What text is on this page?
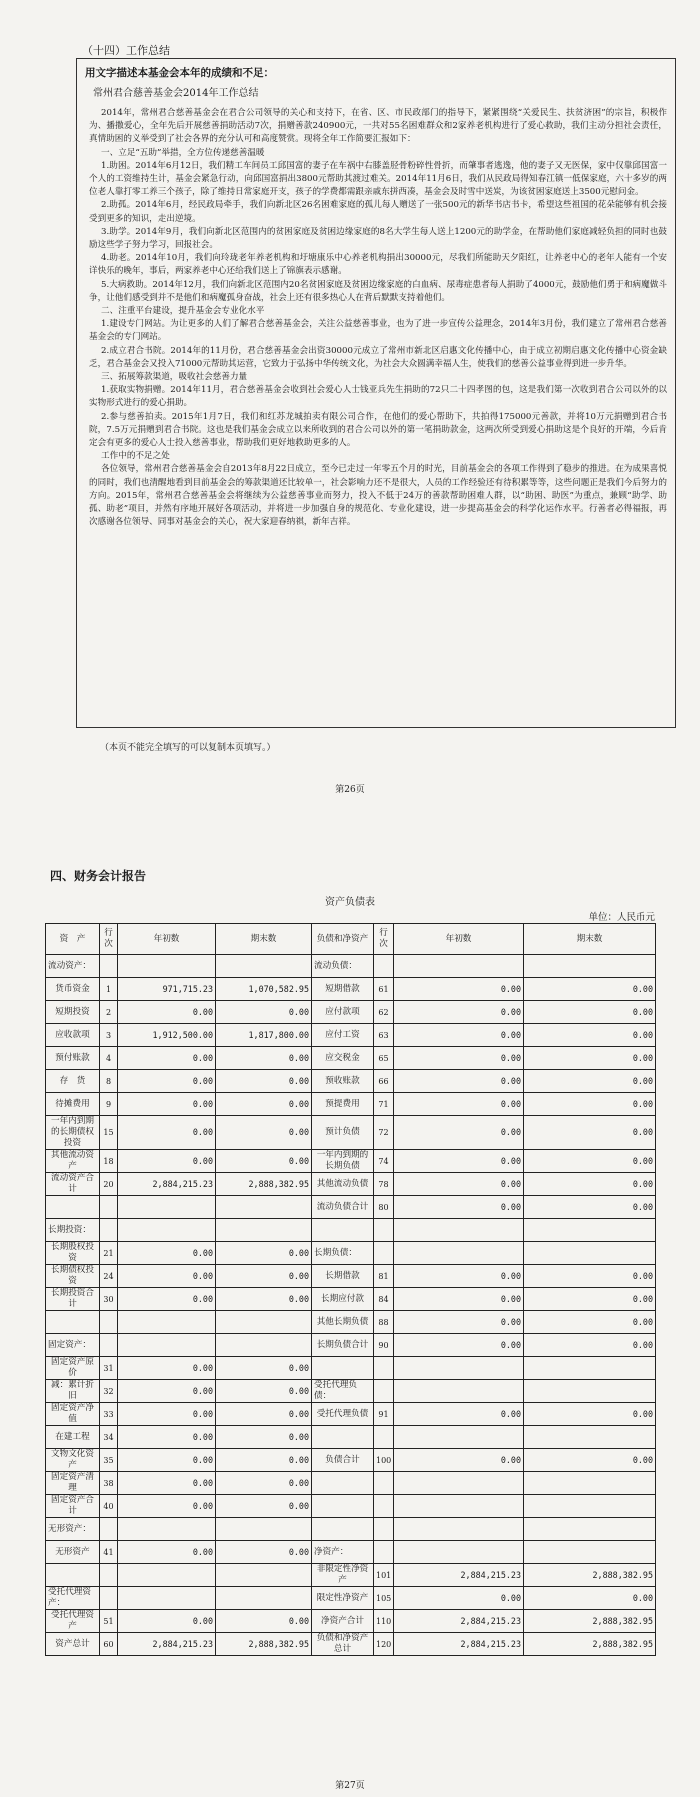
（十四）工作总结
用文字描述本基金会本年的成绩和不足：
常州君合慈善基金会2014年工作总结

2014年，常州君合慈善基金会在君合公司领导的关心和支持下，在省、区、市民政部门的指导下，紧紧围绕“关爱民生、扶贫济困”的宗旨，积极作为、播撒爱心，全年先后开展慈善捐助活动7次，捐赠善款240900元，一共对55名困难群众和2家养老机构进行了爱心救助，我们主动分担社会责任，真情助困的义举受到了社会各界的充分认可和高度赞赏。现将全年工作简要汇报如下：

一、立足“五助”举措，全方位传递慈善温暖

1.助困。2014年6月12日，我们精工车间员工邱国富的妻子在车祸中右膝盖胫骨粉碎性骨折，而肇事者逃逸，他的妻子又无医保，家中仅靠邱国富一个人的工资维持生计，基金会紧急行动，向邱国富捐出3800元帮助其渡过难关。2014年11月6日，我们从民政局得知春江镇一低保家庭，六十多岁的两位老人靠打零工养三个孩子，除了维持日常家庭开支，孩子的学费都需跟亲戚东拼西凑，基金会及时雪中送炭，为该贫困家庭送上3500元慰问金。

2.助孤。2014年6月，经民政局牵手，我们向新北区26名困难家庭的孤儿每人赠送了一张500元的新华书店书卡，希望这些祖国的花朵能够有机会接受到更多的知识，走出逆境。

3.助学。2014年9月，我们向新北区范围内的贫困家庭及贫困边缘家庭的8名大学生每人送上1200元的助学金，在帮助他们家庭减轻负担的同时也鼓励这些学子努力学习，回报社会。

4.助老。2014年10月，我们向玲珑老年养老机构和圩塘康乐中心养老机构捐出30000元，尽我们所能助天夕阳红，让养老中心的老年人能有一个安详快乐的晚年，事后，两家养老中心还给我们送上了锦旗表示感谢。

5.大病救助。2014年12月，我们向新北区范围内20名贫困家庭及贫困边缘家庭的白血病、尿毒症患者每人捐助了4000元，鼓励他们勇于和病魔做斗争，让他们感受到并不是他们和病魔孤身奋战，社会上还有很多热心人在背后默默支持着他们。

二、注重平台建设，提升基金会专业化水平

1.建设专门网站。为让更多的人们了解君合慈善基金会，关注公益慈善事业，也为了进一步宣传公益理念，2014年3月份，我们建立了常州君合慈善基金会的专门网站。

2.成立君合书院。2014年的11月份，君合慈善基金会出资30000元成立了常州市新北区启惠文化传播中心，由于成立初期启惠文化传播中心资金缺乏，君合基金会又投入71000元帮助其运营，它致力于弘扬中华传统文化，为社会大众圆满幸福人生，使我们的慈善公益事业得到进一步升华。

三、拓展筹款渠道，吸收社会慈善力量

1.获取实物捐赠。2014年11月，君合慈善基金会收到社会爱心人士钱亚兵先生捐助的72只二十四孝图的包，这是我们第一次收到君合公司以外的以实物形式进行的爱心捐助。

2.参与慈善拍卖。2015年1月7日，我们和红苏龙城拍卖有限公司合作，在他们的爱心帮助下，共拍得175000元善款，并将10万元捐赠到君合书院，7.5万元捐赠到君合书院。这也是我们基金会成立以来所收到的君合公司以外的第一笔捐助款金，这两次所受到爱心捐助这是个良好的开端，今后肯定会有更多的爱心人士投入慈善事业，帮助我们更好地救助更多的人。

工作中的不足之处

各位领导，常州君合慈善基金会自2013年8月22日成立，至今已走过一年零五个月的时光，目前基金会的各项工作得到了稳步的推进。在为成果喜悦的同时，我们也清醒地看到目前基金会的筹款渠道还比较单一，社会影响力还不是很大，人员的工作经验还有待积累等等，这些问题正是我们今后努力的方向。2015年，常州君合慈善基金会将继续为公益慈善事业而努力，投入不低于24万的善款帮助困难人群，以“助困、助医”为重点，兼顾“助学、助孤、助老”项目，并然有序地开展好各项活动，并将进一步加强自身的规范化、专业化建设，进一步提高基金会的科学化运作水平。行善者必得福报，再次感谢各位领导、同事对基金会的关心，祝大家迎春纳祺，新年吉祥。

（本页不能完全填写的可以复制本页填写。）
第26页
四、财务会计报告
资产负债表
单位：人民币元
资　产	行次	年初数	期末数	负债和净资产	行次	年初数	期末数
流动资产：				流动负债：			
货币资金	1	971,715.23	1,070,582.95	短期借款	61	0.00	0.00
短期投资	2	0.00	0.00	应付款项	62	0.00	0.00
应收款项	3	1,912,500.00	1,817,800.00	应付工资	63	0.00	0.00
预付账款	4	0.00	0.00	应交税金	65	0.00	0.00
存　货	8	0.00	0.00	预收账款	66	0.00	0.00
待摊费用	9	0.00	0.00	预提费用	71	0.00	0.00
一年内到期的长期债权投资	15	0.00	0.00	预计负债	72	0.00	0.00
其他流动资产	18	0.00	0.00	一年内到期的长期负债	74	0.00	0.00
流动资产合计	20	2,884,215.23	2,888,382.95	其他流动负债	78	0.00	0.00
				流动负债合计	80	0.00	0.00
长期投资：							
长期股权投资	21	0.00	0.00	长期负债：			
长期债权投资	24	0.00	0.00	长期借款	81	0.00	0.00
长期投资合计	30	0.00	0.00	长期应付款	84	0.00	0.00
				其他长期负债	88	0.00	0.00
固定资产：				长期负债合计	90	0.00	0.00
固定资产原价	31	0.00	0.00				
减：累计折旧	32	0.00	0.00	受托代理负债：			
固定资产净值	33	0.00	0.00	受托代理负债	91	0.00	0.00
在建工程	34	0.00	0.00				
文物文化资产	35	0.00	0.00	负债合计	100	0.00	0.00
固定资产清理	38	0.00	0.00				
固定资产合计	40	0.00	0.00				
无形资产：							
无形资产	41	0.00	0.00	净资产：			
				非限定性净资产	101	2,884,215.23	2,888,382.95
受托代理资产：				限定性净资产	105	0.00	0.00
受托代理资产	51	0.00	0.00	净资产合计	110	2,884,215.23	2,888,382.95
资产总计	60	2,884,215.23	2,888,382.95	负债和净资产总计	120	2,884,215.23	2,888,382.95
第27页
